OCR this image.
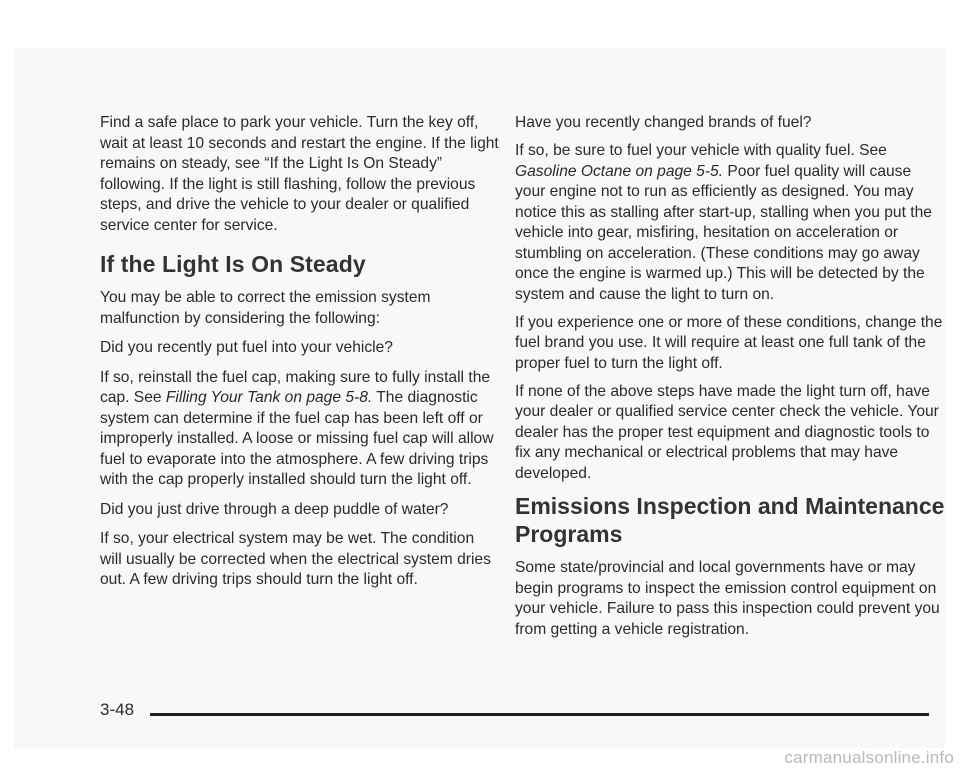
Find a safe place to park your vehicle. Turn the key off, wait at least 10 seconds and restart the engine. If the light remains on steady, see “If the Light Is On Steady” following. If the light is still flashing, follow the previous steps, and drive the vehicle to your dealer or qualified service center for service.

If the Light Is On Steady

You may be able to correct the emission system malfunction by considering the following:

Did you recently put fuel into your vehicle?

If so, reinstall the fuel cap, making sure to fully install the cap. See Filling Your Tank on page 5-8. The diagnostic system can determine if the fuel cap has been left off or improperly installed. A loose or missing fuel cap will allow fuel to evaporate into the atmosphere. A few driving trips with the cap properly installed should turn the light off.

Did you just drive through a deep puddle of water?

If so, your electrical system may be wet. The condition will usually be corrected when the electrical system dries out. A few driving trips should turn the light off.

Have you recently changed brands of fuel?

If so, be sure to fuel your vehicle with quality fuel. See Gasoline Octane on page 5-5. Poor fuel quality will cause your engine not to run as efficiently as designed. You may notice this as stalling after start-up, stalling when you put the vehicle into gear, misfiring, hesitation on acceleration or stumbling on acceleration. (These conditions may go away once the engine is warmed up.) This will be detected by the system and cause the light to turn on.

If you experience one or more of these conditions, change the fuel brand you use. It will require at least one full tank of the proper fuel to turn the light off.

If none of the above steps have made the light turn off, have your dealer or qualified service center check the vehicle. Your dealer has the proper test equipment and diagnostic tools to fix any mechanical or electrical problems that may have developed.

Emissions Inspection and Maintenance Programs

Some state/provincial and local governments have or may begin programs to inspect the emission control equipment on your vehicle. Failure to pass this inspection could prevent you from getting a vehicle registration.

3-48
carmanualsonline.info
